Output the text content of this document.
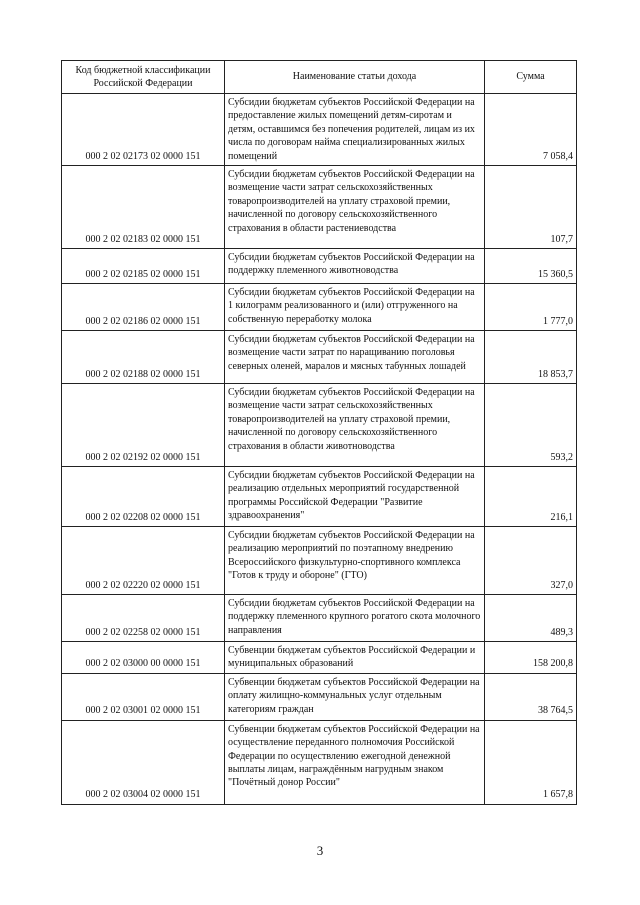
Код бюджетной классификации Российской Федерации	Наименование статьи дохода	Сумма
000 2 02 02173 02 0000 151	Субсидии бюджетам субъектов Российской Федерации на предоставление жилых помещений детям-сиротам и детям, оставшимся без попечения родителей, лицам из их числа по договорам найма специализированных жилых помещений	7 058,4
000 2 02 02183 02 0000 151	Субсидии бюджетам субъектов Российской Федерации на возмещение части затрат сельскохозяйственных товаропроизводителей на уплату страховой премии, начисленной по договору сельскохозяйственного страхования в области растениеводства	107,7
000 2 02 02185 02 0000 151	Субсидии бюджетам субъектов Российской Федерации на поддержку племенного животноводства	15 360,5
000 2 02 02186 02 0000 151	Субсидии бюджетам субъектов Российской Федерации на 1 килограмм реализованного и (или) отгруженного на собственную переработку молока	1 777,0
000 2 02 02188 02 0000 151	Субсидии бюджетам субъектов Российской Федерации на возмещение части затрат по наращиванию поголовья северных оленей, маралов и мясных табунных лошадей	18 853,7
000 2 02 02192 02 0000 151	Субсидии бюджетам субъектов Российской Федерации на возмещение части затрат сельскохозяйственных товаропроизводителей на уплату страховой премии, начисленной по договору сельскохозяйственного страхования в области животноводства	593,2
000 2 02 02208 02 0000 151	Субсидии бюджетам субъектов Российской Федерации на реализацию отдельных мероприятий государственной программы Российской Федерации "Развитие здравоохранения"	216,1
000 2 02 02220 02 0000 151	Субсидии бюджетам субъектов Российской Федерации на реализацию мероприятий по поэтапному внедрению Всероссийского физкультурно-спортивного комплекса "Готов к труду и обороне" (ГТО)	327,0
000 2 02 02258 02 0000 151	Субсидии бюджетам субъектов Российской Федерации на поддержку племенного крупного рогатого скота молочного направления	489,3
000 2 02 03000 00 0000 151	Субвенции бюджетам субъектов Российской Федерации и муниципальных образований	158 200,8
000 2 02 03001 02 0000 151	Субвенции бюджетам субъектов Российской Федерации на оплату жилищно-коммунальных услуг отдельным категориям граждан	38 764,5
000 2 02 03004 02 0000 151	Субвенции бюджетам субъектов Российской Федерации на осуществление переданного полномочия Российской Федерации по осуществлению ежегодной денежной выплаты лицам, награждённым нагрудным знаком "Почётный донор России"	1 657,8
3
